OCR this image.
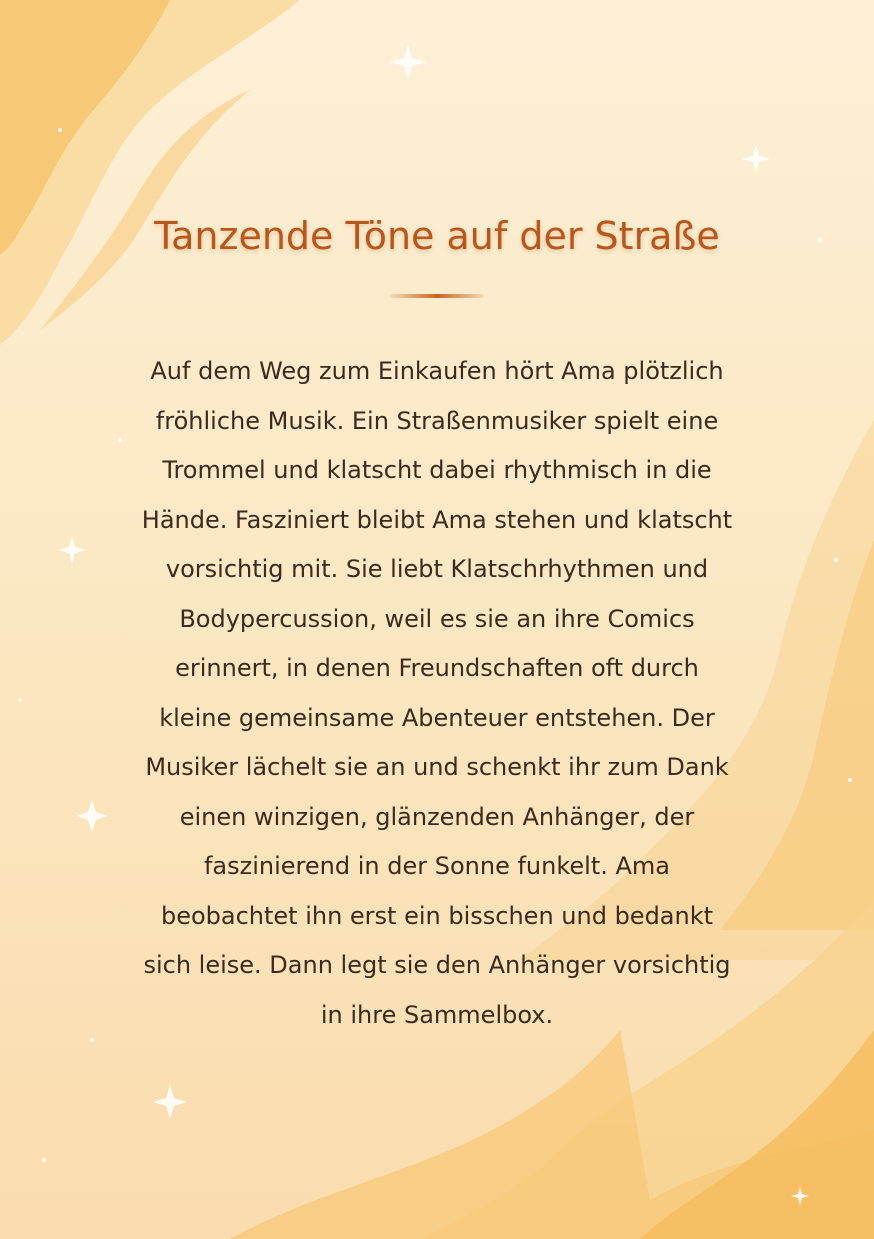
Tanzende Töne auf der Straße
Auf dem Weg zum Einkaufen hört Ama plötzlich
fröhliche Musik. Ein Straßenmusiker spielt eine
Trommel und klatscht dabei rhythmisch in die
Hände. Fasziniert bleibt Ama stehen und klatscht
vorsichtig mit. Sie liebt Klatschrhythmen und
Bodypercussion, weil es sie an ihre Comics
erinnert, in denen Freundschaften oft durch
kleine gemeinsame Abenteuer entstehen. Der
Musiker lächelt sie an und schenkt ihr zum Dank
einen winzigen, glänzenden Anhänger, der
faszinierend in der Sonne funkelt. Ama
beobachtet ihn erst ein bisschen und bedankt
sich leise. Dann legt sie den Anhänger vorsichtig
in ihre Sammelbox.
